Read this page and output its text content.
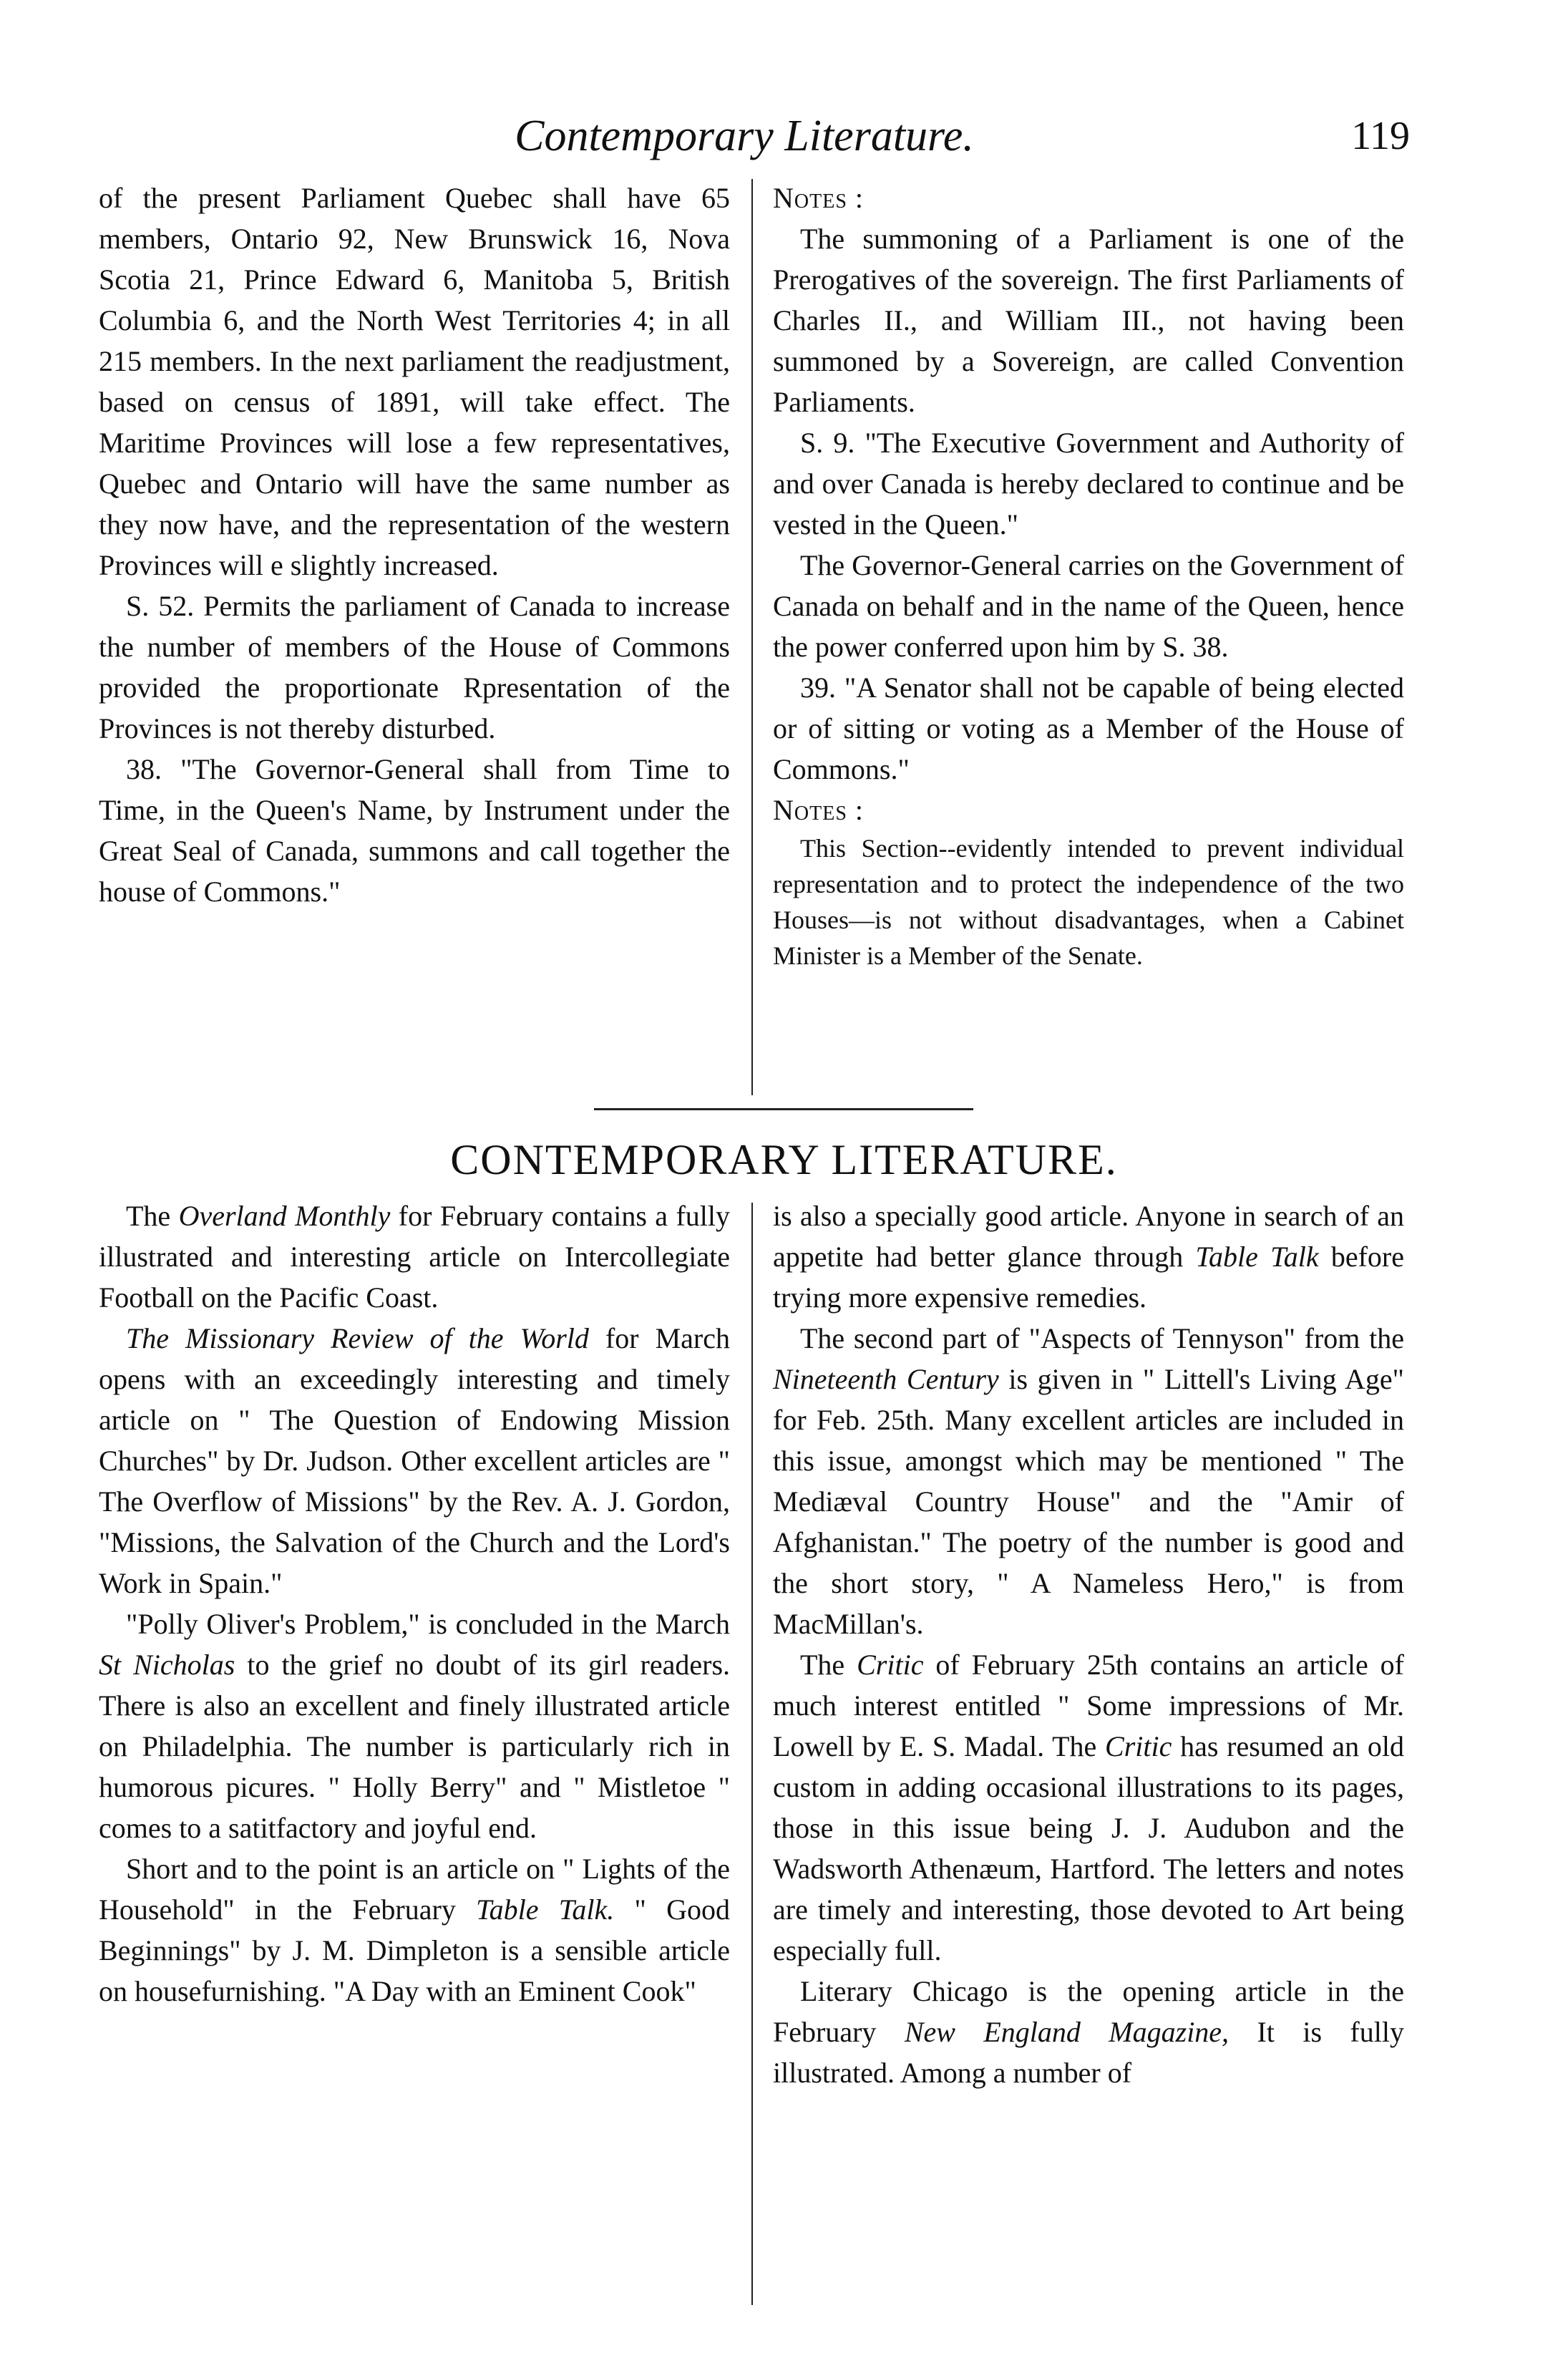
Contemporary Literature.	119

of the present Parliament Quebec shall have 65 members, Ontario 92, New Brunswick 16, Nova Scotia 21, Prince Edward 6, Manitoba 5, British Columbia 6, and the North West Territories 4; in all 215 members. In the next parliament the readjustment, based on census of 1891, will take effect. The Maritime Provinces will lose a few representatives, Quebec and Ontario will have the same number as they now have, and the representation of the western Provinces will e slightly increased.

S. 52. Permits the parliament of Canada to increase the number of members of the House of Commons provided the proportionate Rpresentation of the Provinces is not thereby disturbed.

38. "The Governor-General shall from Time to Time, in the Queen's Name, by Instrument under the Great Seal of Canada, summons and call together the house of Commons."

Notes :

The summoning of a Parliament is one of the Prerogatives of the sovereign. The first Parliaments of Charles II., and William III., not having been summoned by a Sovereign, are called Convention Parliaments.

S. 9. "The Executive Government and Authority of and over Canada is hereby declared to continue and be vested in the Queen."

The Governor-General carries on the Government of Canada on behalf and in the name of the Queen, hence the power conferred upon him by S. 38.

39. "A Senator shall not be capable of being elected or of sitting or voting as a Member of the House of Commons."

Notes :

This Section--evidently intended to prevent individual representation and to protect the independence of the two Houses—is not without disadvantages, when a Cabinet Minister is a Member of the Senate.

CONTEMPORARY LITERATURE.

The Overland Monthly for February contains a fully illustrated and interesting article on Intercollegiate Football on the Pacific Coast.

The Missionary Review of the World for March opens with an exceedingly interesting and timely article on " The Question of Endowing Mission Churches" by Dr. Judson. Other excellent articles are " The Overflow of Missions" by the Rev. A. J. Gordon, "Missions, the Salvation of the Church and the Lord's Work in Spain."

"Polly Oliver's Problem," is concluded in the March St Nicholas to the grief no doubt of its girl readers. There is also an excellent and finely illustrated article on Philadelphia. The number is particularly rich in humorous picures. " Holly Berry" and " Mistletoe " comes to a satitfactory and joyful end.

Short and to the point is an article on " Lights of the Household" in the February Table Talk. " Good Beginnings" by J. M. Dimpleton is a sensible article on housefurnishing. "A Day with an Eminent Cook"

is also a specially good article. Anyone in search of an appetite had better glance through Table Talk before trying more expensive remedies.

The second part of "Aspects of Tennyson" from the Nineteenth Century is given in " Littell's Living Age" for Feb. 25th. Many excellent articles are included in this issue, amongst which may be mentioned " The Mediæval Country House" and the "Amir of Afghanistan." The poetry of the number is good and the short story, " A Nameless Hero," is from MacMillan's.

The Critic of February 25th contains an article of much interest entitled " Some impressions of Mr. Lowell by E. S. Madal. The Critic has resumed an old custom in adding occasional illustrations to its pages, those in this issue being J. J. Audubon and the Wadsworth Athenæum, Hartford. The letters and notes are timely and interesting, those devoted to Art being especially full.

Literary Chicago is the opening article in the February New England Magazine, It is fully illustrated. Among a number of
